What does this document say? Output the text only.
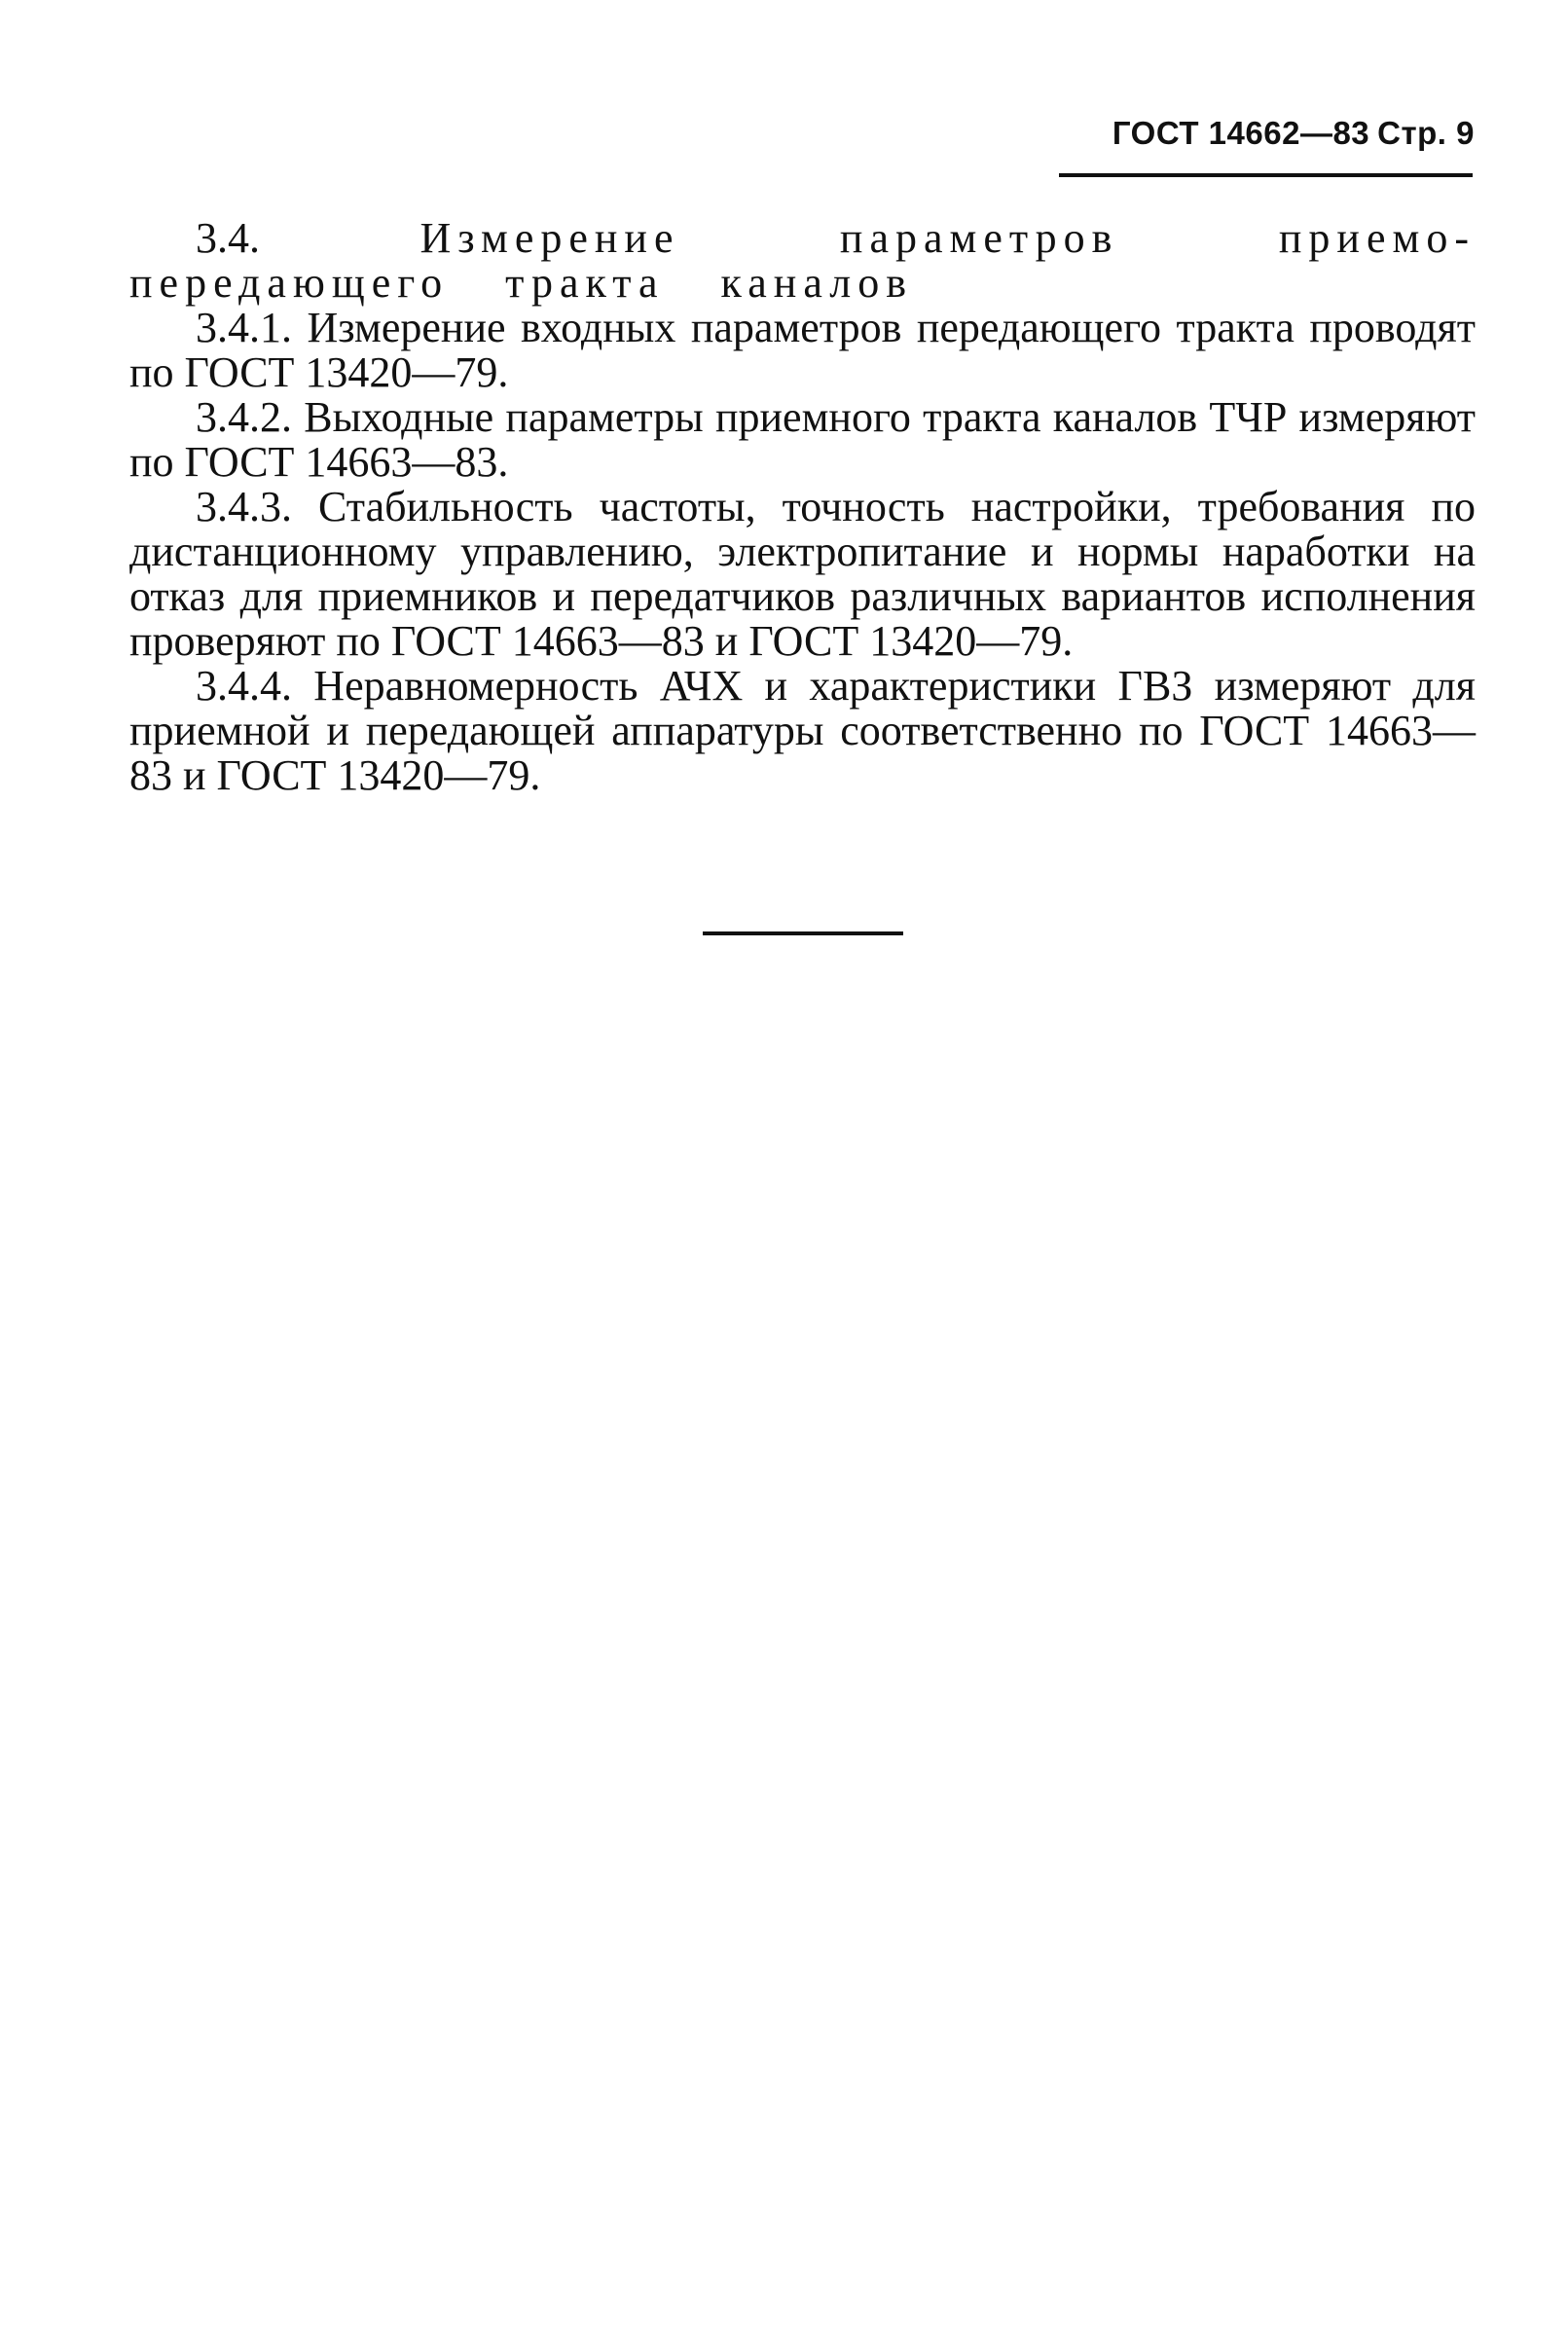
ГОСТ 14662—83 Стр. 9

3.4.	Измерение параметров приемо-передающего тракта каналов

3.4.1. Измерение входных параметров передающего тракта проводят по ГОСТ 13420—79.

3.4.2. Выходные параметры приемного тракта каналов ТЧР измеряют по ГОСТ 14663—83.

3.4.3. Стабильность частоты, точность настройки, требования по дистанционному управлению, электропитание и нормы наработки на отказ для приемников и передатчиков различных вариантов исполнения проверяют по ГОСТ 14663—83 и ГОСТ 13420—79.

3.4.4. Неравномерность АЧХ и характеристики ГВЗ измеряют для приемной и передающей аппаратуры соответственно по ГОСТ 14663—83 и ГОСТ 13420—79.
